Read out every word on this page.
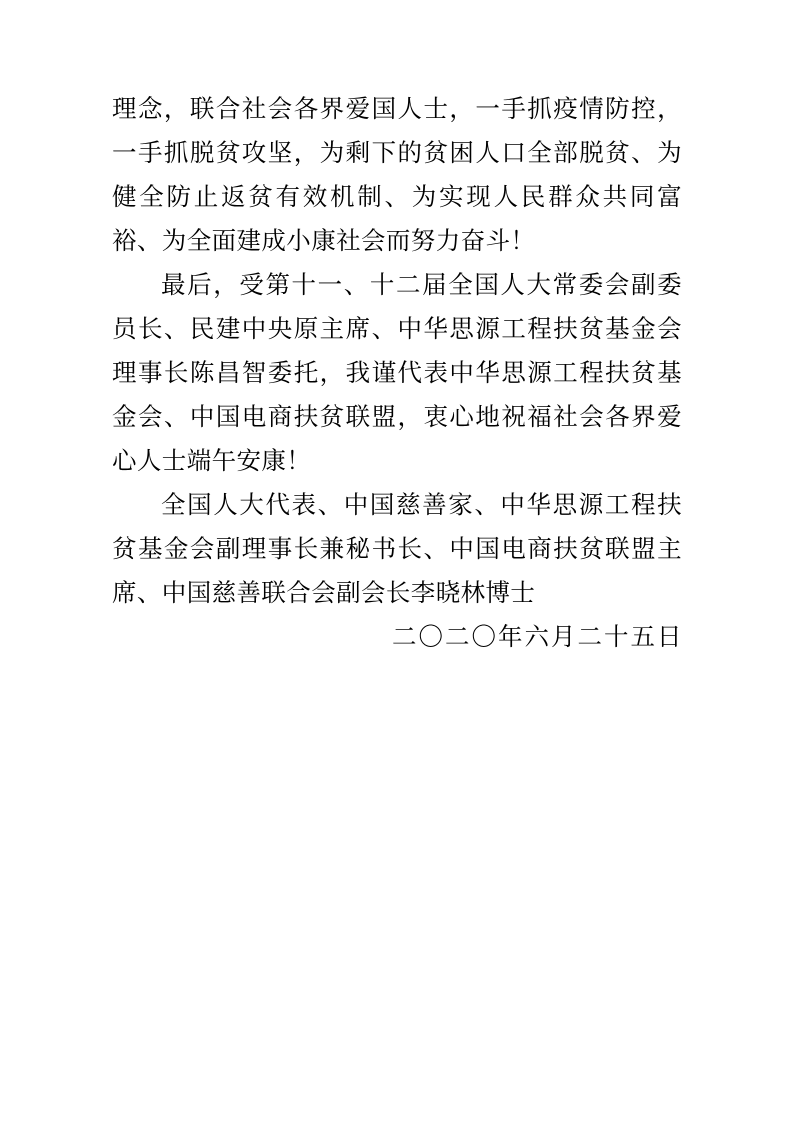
理念，联合社会各界爱国人士，一手抓疫情防控，一手抓脱贫攻坚，为剩下的贫困人口全部脱贫、为健全防止返贫有效机制、为实现人民群众共同富裕、为全面建成小康社会而努力奋斗！

最后，受第十一、十二届全国人大常委会副委员长、民建中央原主席、中华思源工程扶贫基金会理事长陈昌智委托，我谨代表中华思源工程扶贫基金会、中国电商扶贫联盟，衷心地祝福社会各界爱心人士端午安康！

全国人大代表、中国慈善家、中华思源工程扶贫基金会副理事长兼秘书长、中国电商扶贫联盟主席、中国慈善联合会副会长李晓林博士

二〇二〇年六月二十五日
